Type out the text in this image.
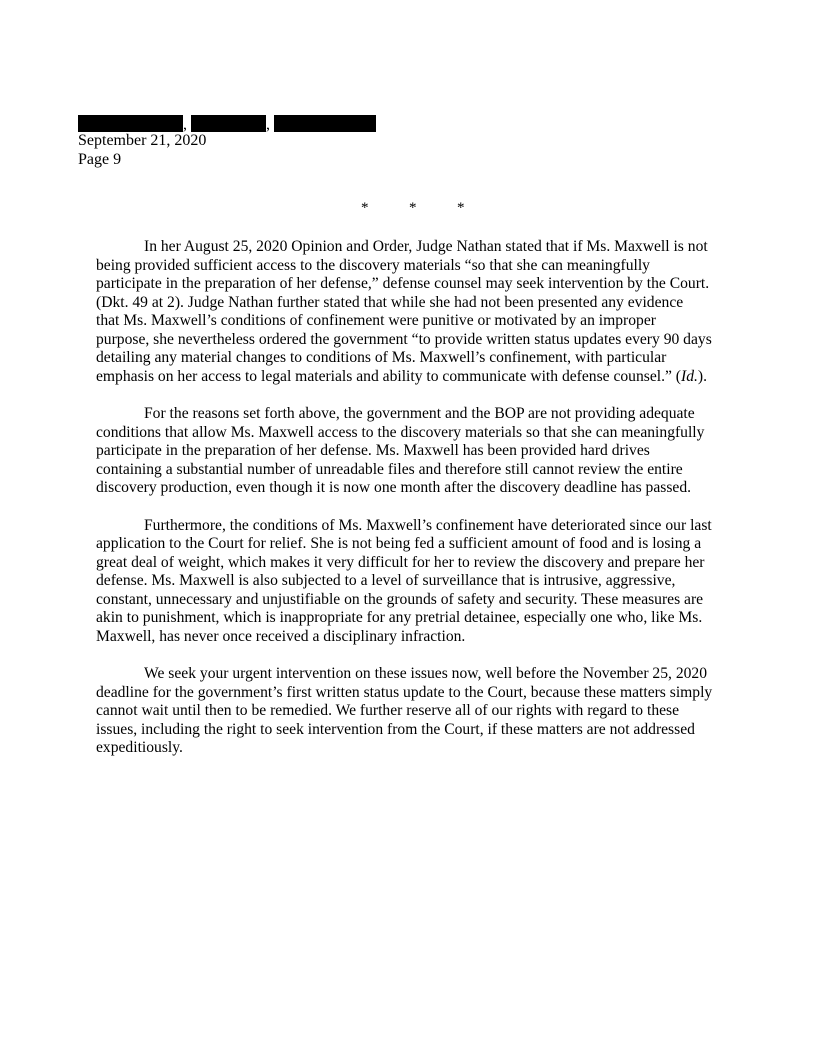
,	,
September 21, 2020
Page 9
*	*	*

In her August 25, 2020 Opinion and Order, Judge Nathan stated that if Ms. Maxwell is not
being provided sufficient access to the discovery materials “so that she can meaningfully
participate in the preparation of her defense,” defense counsel may seek intervention by the Court.
(Dkt. 49 at 2). Judge Nathan further stated that while she had not been presented any evidence
that Ms. Maxwell’s conditions of confinement were punitive or motivated by an improper
purpose, she nevertheless ordered the government “to provide written status updates every 90 days
detailing any material changes to conditions of Ms. Maxwell’s confinement, with particular
emphasis on her access to legal materials and ability to communicate with defense counsel.” (Id.).

For the reasons set forth above, the government and the BOP are not providing adequate
conditions that allow Ms. Maxwell access to the discovery materials so that she can meaningfully
participate in the preparation of her defense. Ms. Maxwell has been provided hard drives
containing a substantial number of unreadable files and therefore still cannot review the entire
discovery production, even though it is now one month after the discovery deadline has passed.

Furthermore, the conditions of Ms. Maxwell’s confinement have deteriorated since our last
application to the Court for relief. She is not being fed a sufficient amount of food and is losing a
great deal of weight, which makes it very difficult for her to review the discovery and prepare her
defense. Ms. Maxwell is also subjected to a level of surveillance that is intrusive, aggressive,
constant, unnecessary and unjustifiable on the grounds of safety and security. These measures are
akin to punishment, which is inappropriate for any pretrial detainee, especially one who, like Ms.
Maxwell, has never once received a disciplinary infraction.

We seek your urgent intervention on these issues now, well before the November 25, 2020
deadline for the government’s first written status update to the Court, because these matters simply
cannot wait until then to be remedied. We further reserve all of our rights with regard to these
issues, including the right to seek intervention from the Court, if these matters are not addressed
expeditiously.
